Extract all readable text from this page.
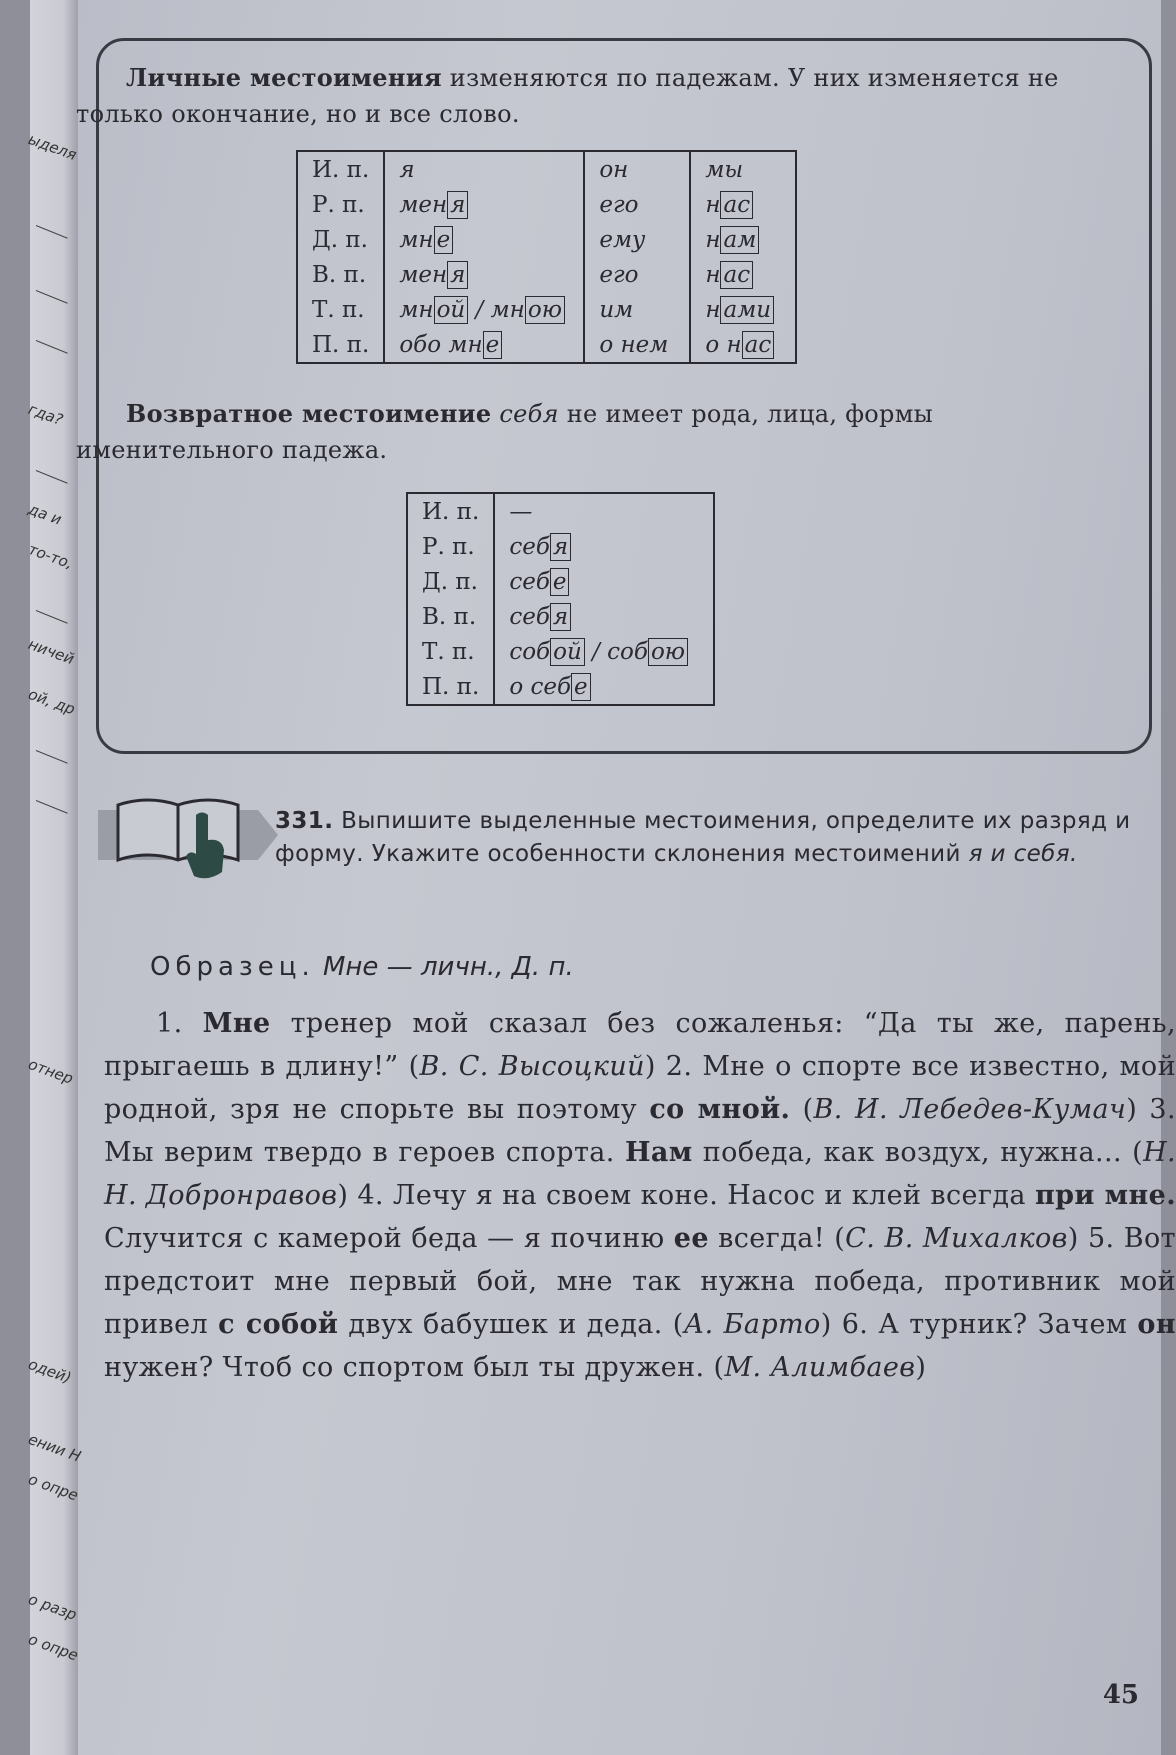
ыделя
гда?
да и
то-то,
ничей
ой, др
отнер
одей)
ении Н
о опре
о разр
о опре
Личные местоимения изменяются по падежам. У них изменяется не только окончание, но и все слово.
И. п.	я	он	мы
Р. п.	мен я	его	н ас
Д. п.	мн е	ему	н ам
В. п.	мен я	его	н ас
Т. п.	мн ой / мн ою	им	н ами
П. п.	обо мн е	о нем	о н ас
Возвратное местоимение себя не имеет рода, лица, формы именительного падежа.
И. п.	—
Р. п.	себ я
Д. п.	себ е
В. п.	себ я
Т. п.	соб ой / соб ою
П. п.	о себ е
331. Выпишите выделенные местоимения, определите их разряд и форму. Укажите особенности склонения местоимений я и себя.
Образец. Мне — личн., Д. п.

1. Мне тренер мой сказал без сожаленья: “Да ты же, парень, прыгаешь в длину!” (В. С. Высоцкий) 2. Мне о спорте все известно, мой родной, зря не спорьте вы поэтому со мной. (В. И. Лебедев-Кумач) 3. Мы верим твердо в героев спорта. Нам победа, как воздух, нужна... (Н. Н. Добронравов) 4. Лечу я на своем коне. Насос и клей всегда при мне. Случится с камерой беда — я починю ее всегда! (С. В. Михалков) 5. Вот предстоит мне первый бой, мне так нужна победа, противник мой привел с собой двух бабушек и деда. (А. Барто) 6. А турник? Зачем он нужен? Чтоб со спортом был ты дружен. (М. Алимбаев)

45
